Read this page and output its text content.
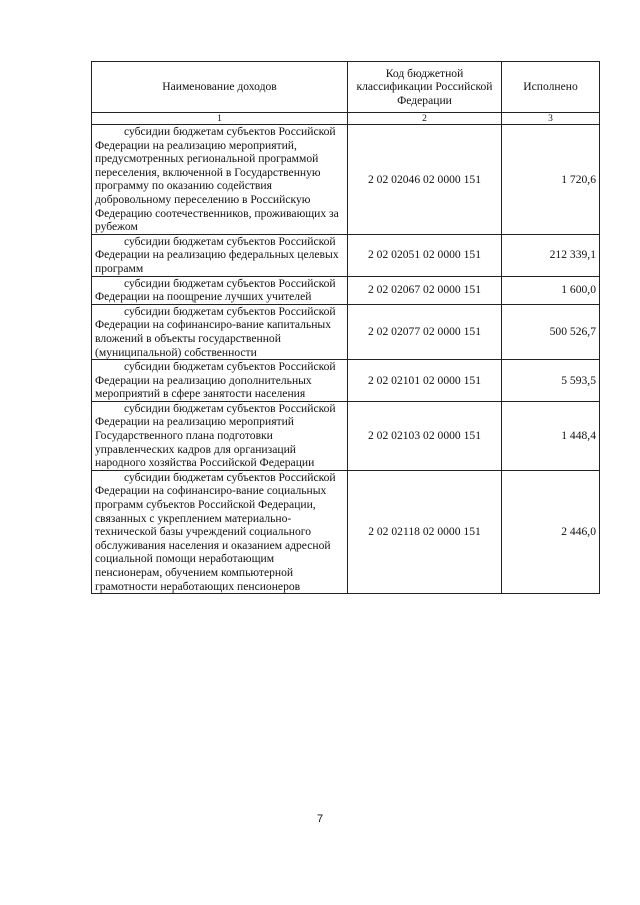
Наименование доходов	Код бюджетной классификации Российской Федерации	Исполнено
1	2	3

субсидии бюджетам субъектов Российской Федерации на реализацию мероприятий, предусмотренных региональной программой переселения, включенной в Государственную программу по оказанию содействия добровольному переселению в Российскую Федерацию соотечественников, проживающих за рубежом	2 02 02046 02 0000 151	1 720,6

субсидии бюджетам субъектов Российской Федерации на реализацию федеральных целевых программ	2 02 02051 02 0000 151	212 339,1

субсидии бюджетам субъектов Российской Федерации на поощрение лучших учителей	2 02 02067 02 0000 151	1 600,0

субсидии бюджетам субъектов Российской Федерации на софинансиро-вание капитальных вложений в объекты государственной (муниципальной) собственности	2 02 02077 02 0000 151	500 526,7

субсидии бюджетам субъектов Российской Федерации на реализацию дополнительных мероприятий в сфере занятости населения	2 02 02101 02 0000 151	5 593,5

субсидии бюджетам субъектов Российской Федерации на реализацию мероприятий Государственного плана подготовки управленческих кадров для организаций народного хозяйства Российской Федерации	2 02 02103 02 0000 151	1 448,4

субсидии бюджетам субъектов Российской Федерации на софинансиро-вание социальных программ субъектов Российской Федерации, связанных с укреплением материально-технической базы учреждений социального обслуживания населения и оказанием адресной социальной помощи неработающим пенсионерам, обучением компьютерной грамотности неработающих пенсионеров	2 02 02118 02 0000 151	2 446,0
7
